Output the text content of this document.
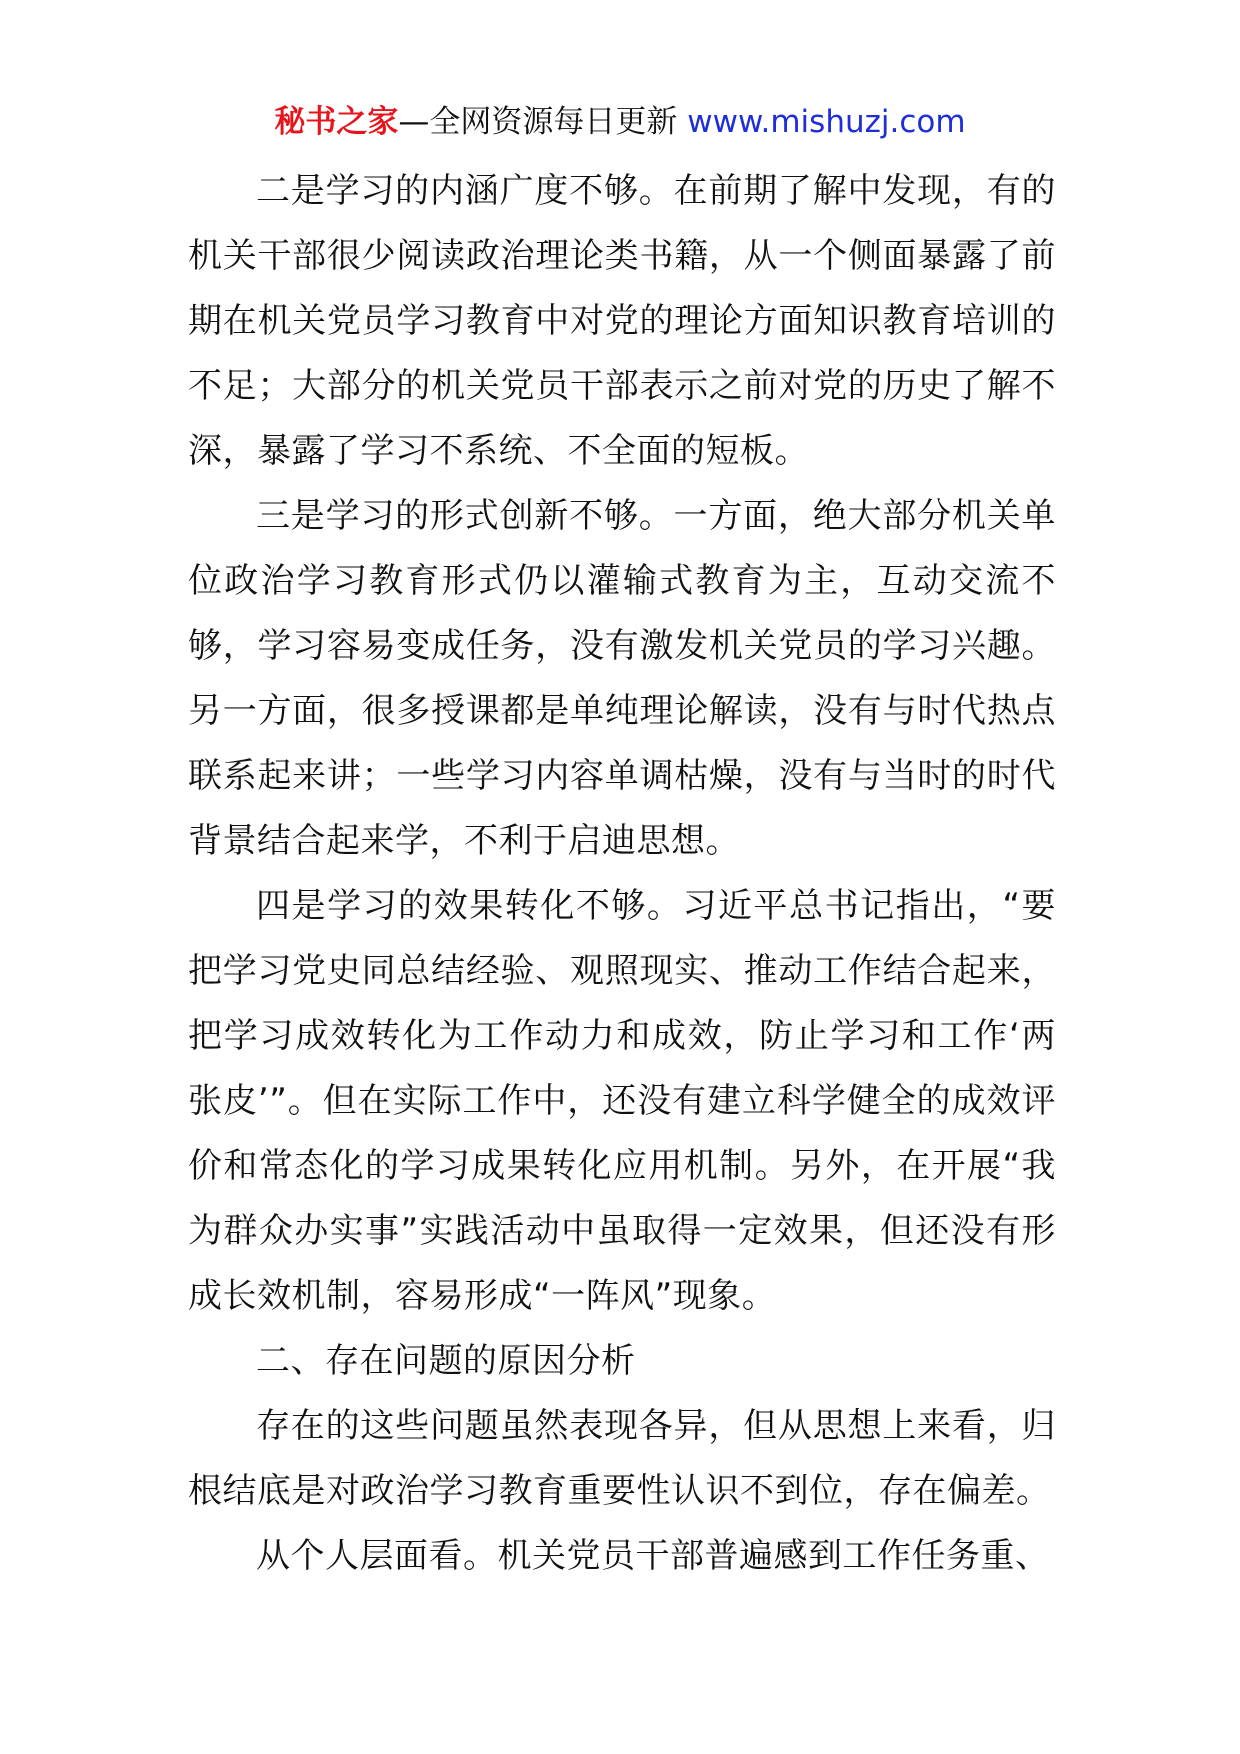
秘书之家—全网资源每日更新 www.mishuzj.com

二是学习的内涵广度不够。在前期了解中发现，有的机关干部很少阅读政治理论类书籍，从一个侧面暴露了前期在机关党员学习教育中对党的理论方面知识教育培训的不足；大部分的机关党员干部表示之前对党的历史了解不深，暴露了学习不系统、不全面的短板。

三是学习的形式创新不够。一方面，绝大部分机关单位政治学习教育形式仍以灌输式教育为主，互动交流不够，学习容易变成任务，没有激发机关党员的学习兴趣。另一方面，很多授课都是单纯理论解读，没有与时代热点联系起来讲；一些学习内容单调枯燥，没有与当时的时代背景结合起来学，不利于启迪思想。

四是学习的效果转化不够。习近平总书记指出，“要把学习党史同总结经验、观照现实、推动工作结合起来，把学习成效转化为工作动力和成效，防止学习和工作‘两张皮’”。但在实际工作中，还没有建立科学健全的成效评价和常态化的学习成果转化应用机制。另外，在开展“我为群众办实事”实践活动中虽取得一定效果，但还没有形成长效机制，容易形成“一阵风”现象。

二、存在问题的原因分析

存在的这些问题虽然表现各异，但从思想上来看，归根结底是对政治学习教育重要性认识不到位，存在偏差。

从个人层面看。机关党员干部普遍感到工作任务重、
